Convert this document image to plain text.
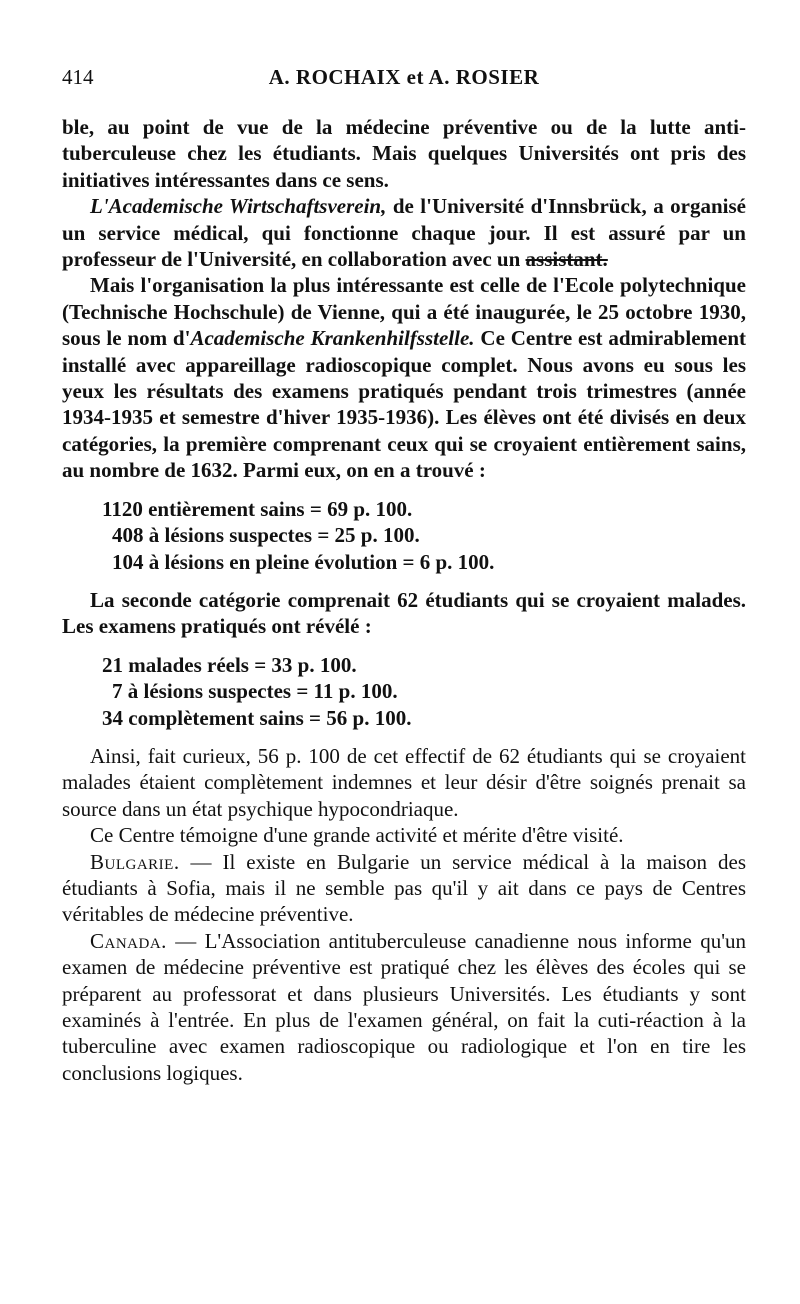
414	A. ROCHAIX et A. ROSIER

ble, au point de vue de la médecine préventive ou de la lutte anti-tuberculeuse chez les étudiants. Mais quelques Universités ont pris des initiatives intéressantes dans ce sens.

L'Academische Wirtschaftsverein, de l'Université d'Innsbrück, a organisé un service médical, qui fonctionne chaque jour. Il est assuré par un professeur de l'Université, en collaboration avec un assistant.

Mais l'organisation la plus intéressante est celle de l'Ecole polytechnique (Technische Hochschule) de Vienne, qui a été inaugurée, le 25 octobre 1930, sous le nom d'Academische Krankenhilfsstelle. Ce Centre est admirablement installé avec appareillage radioscopique complet. Nous avons eu sous les yeux les résultats des examens pratiqués pendant trois trimestres (année 1934-1935 et semestre d'hiver 1935-1936). Les élèves ont été divisés en deux catégories, la première comprenant ceux qui se croyaient entièrement sains, au nombre de 1632. Parmi eux, on en a trouvé :

1120 entièrement sains = 69 p. 100.
408 à lésions suspectes = 25 p. 100.
104 à lésions en pleine évolution = 6 p. 100.

La seconde catégorie comprenait 62 étudiants qui se croyaient malades. Les examens pratiqués ont révélé :

21 malades réels = 33 p. 100.
7 à lésions suspectes = 11 p. 100.
34 complètement sains = 56 p. 100.

Ainsi, fait curieux, 56 p. 100 de cet effectif de 62 étudiants qui se croyaient malades étaient complètement indemnes et leur désir d'être soignés prenait sa source dans un état psychique hypocondriaque.

Ce Centre témoigne d'une grande activité et mérite d'être visité.

Bulgarie. — Il existe en Bulgarie un service médical à la maison des étudiants à Sofia, mais il ne semble pas qu'il y ait dans ce pays de Centres véritables de médecine préventive.

Canada. — L'Association antituberculeuse canadienne nous informe qu'un examen de médecine préventive est pratiqué chez les élèves des écoles qui se préparent au professorat et dans plusieurs Universités. Les étudiants y sont examinés à l'entrée. En plus de l'examen général, on fait la cuti-réaction à la tuberculine avec examen radioscopique ou radiologique et l'on en tire les conclusions logiques.
